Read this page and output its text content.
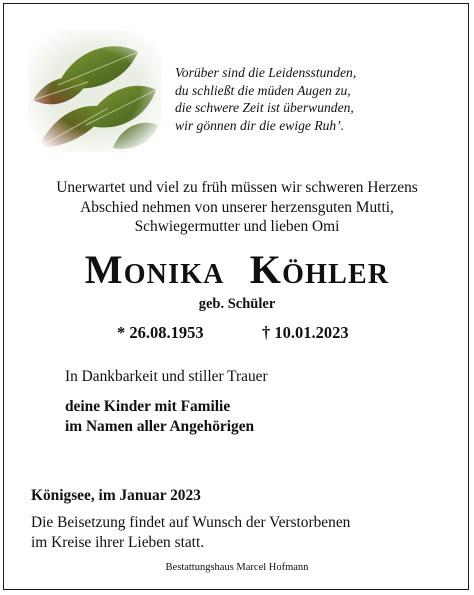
Vorüber sind die Leidensstunden,
du schließt die müden Augen zu,
die schwere Zeit ist überwunden,
wir gönnen dir die ewige Ruh’.

Unerwartet und viel zu früh müssen wir schweren Herzens
Abschied nehmen von unserer herzensguten Mutti,
Schwiegermutter und lieben Omi

Monika Köhler
geb. Schüler
* 26.08.1953	† 10.01.2023
In Dankbarkeit und stiller Trauer

deine Kinder mit Familie
im Namen aller Angehörigen

Königsee, im Januar 2023

Die Beisetzung findet auf Wunsch der Verstorbenen
im Kreise ihrer Lieben statt.

Bestattungshaus Marcel Hofmann
